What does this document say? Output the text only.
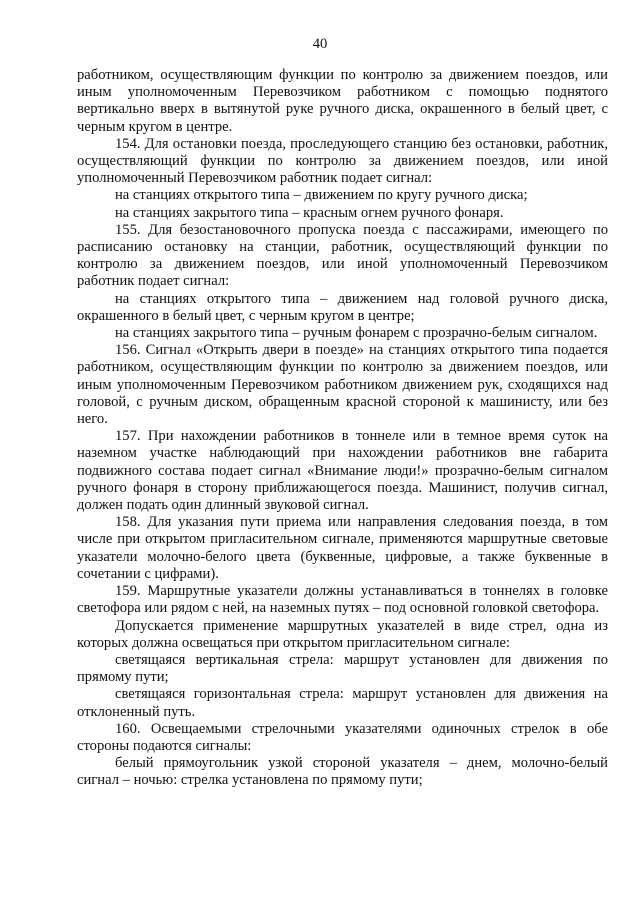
40

работником, осуществляющим функции по контролю за движением поездов, или иным уполномоченным Перевозчиком работником с помощью поднятого вертикально вверх в вытянутой руке ручного диска, окрашенного в белый цвет, с черным кругом в центре.

154. Для остановки поезда, проследующего станцию без остановки, работник, осуществляющий функции по контролю за движением поездов, или иной уполномоченный Перевозчиком работник подает сигнал:

на станциях открытого типа – движением по кругу ручного диска;

на станциях закрытого типа – красным огнем ручного фонаря.

155. Для безостановочного пропуска поезда с пассажирами, имеющего по расписанию остановку на станции, работник, осуществляющий функции по контролю за движением поездов, или иной уполномоченный Перевозчиком работник подает сигнал:

на станциях открытого типа – движением над головой ручного диска, окрашенного в белый цвет, с черным кругом в центре;

на станциях закрытого типа – ручным фонарем с прозрачно-белым сигналом.

156. Сигнал «Открыть двери в поезде» на станциях открытого типа подается работником, осуществляющим функции по контролю за движением поездов, или иным уполномоченным Перевозчиком работником движением рук, сходящихся над головой, с ручным диском, обращенным красной стороной к машинисту, или без него.

157. При нахождении работников в тоннеле или в темное время суток на наземном участке наблюдающий при нахождении работников вне габарита подвижного состава подает сигнал «Внимание люди!» прозрачно-белым сигналом ручного фонаря в сторону приближающегося поезда. Машинист, получив сигнал, должен подать один длинный звуковой сигнал.

158. Для указания пути приема или направления следования поезда, в том числе при открытом пригласительном сигнале, применяются маршрутные световые указатели молочно-белого цвета (буквенные, цифровые, а также буквенные в сочетании с цифрами).

159. Маршрутные указатели должны устанавливаться в тоннелях в головке светофора или рядом с ней, на наземных путях – под основной головкой светофора.

Допускается применение маршрутных указателей в виде стрел, одна из которых должна освещаться при открытом пригласительном сигнале:

светящаяся вертикальная стрела: маршрут установлен для движения по прямому пути;

светящаяся горизонтальная стрела: маршрут установлен для движения на отклоненный путь.

160. Освещаемыми стрелочными указателями одиночных стрелок в обе стороны подаются сигналы:

белый прямоугольник узкой стороной указателя – днем, молочно-белый сигнал – ночью: стрелка установлена по прямому пути;
